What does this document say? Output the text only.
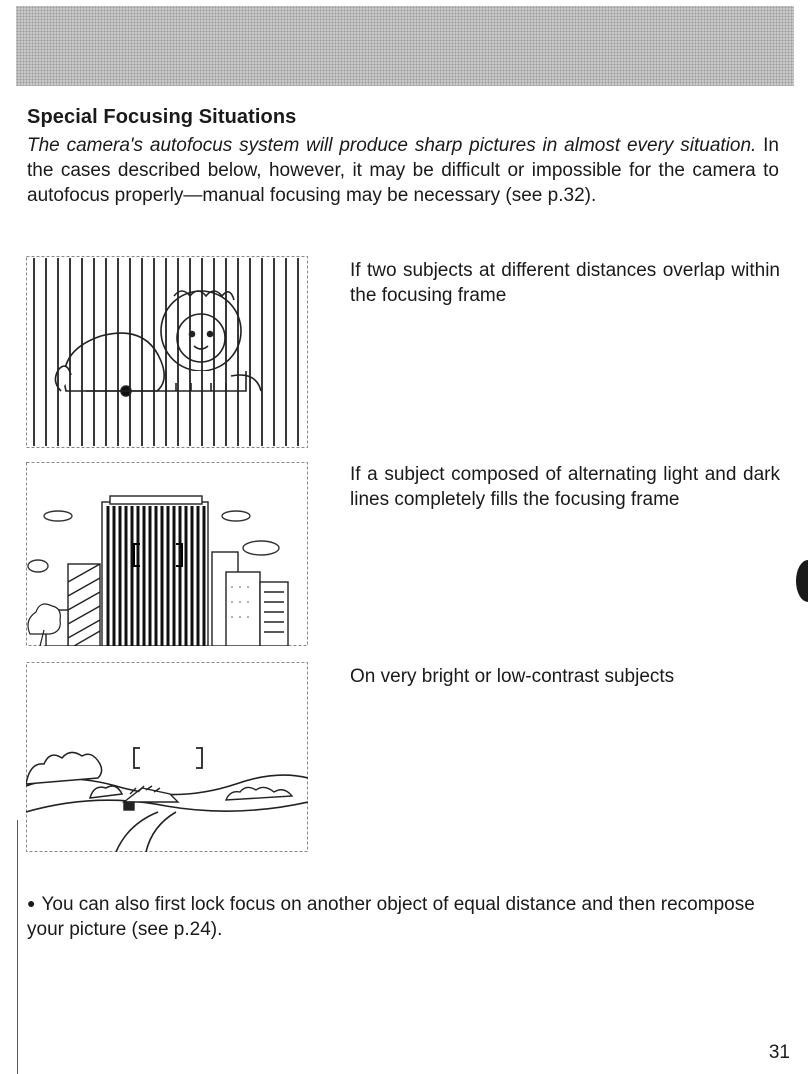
Special Focusing Situations

The camera's autofocus system will produce sharp pictures in almost every situation. In the cases described below, however, it may be difficult or impossible for the camera to autofocus properly—manual focusing may be necessary (see p.32).

If two subjects at different distances overlap within the focusing frame

If a subject composed of alternating light and dark lines completely fills the focusing frame

On very bright or low-contrast subjects

● You can also first lock focus on another object of equal distance and then recompose your picture (see p.24).

31
